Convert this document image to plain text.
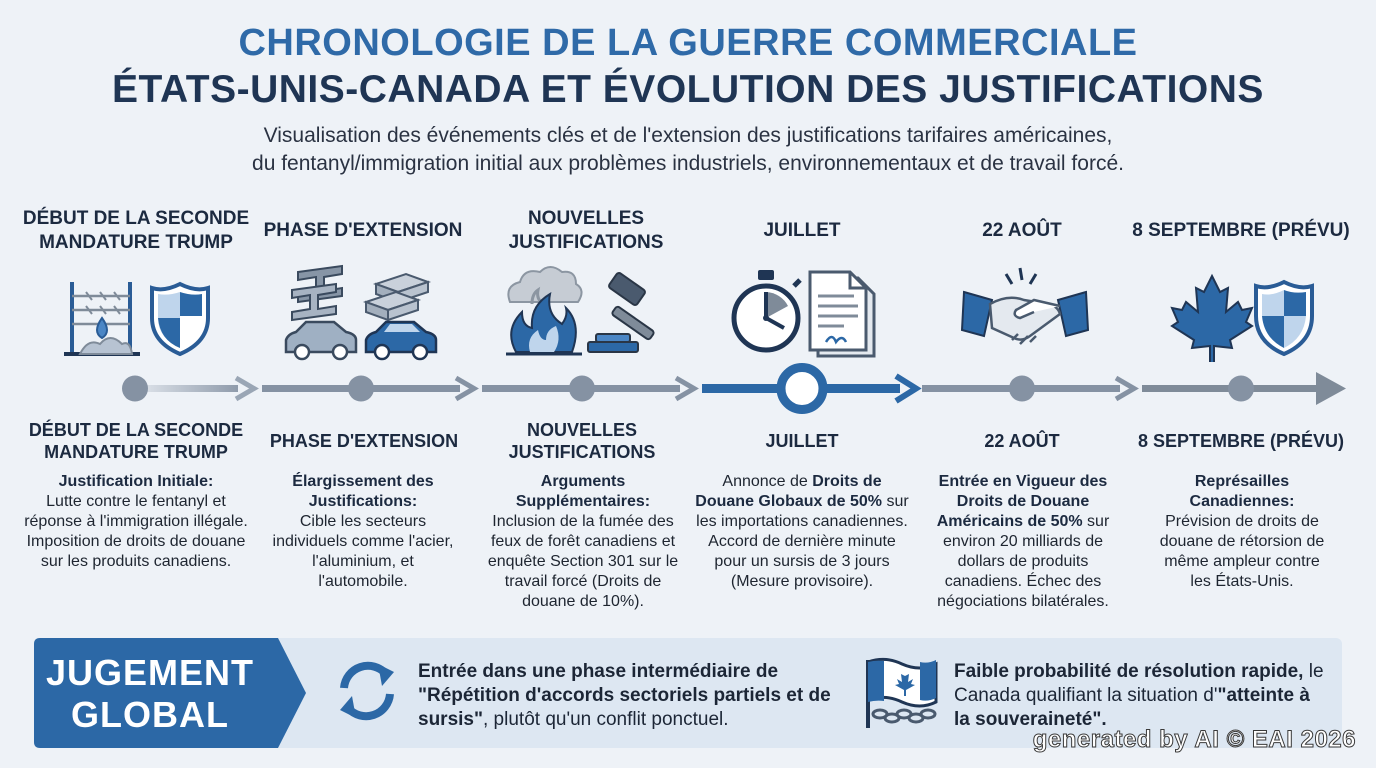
CHRONOLOGIE DE LA GUERRE COMMERCIALE
ÉTATS-UNIS-CANADA ET ÉVOLUTION DES JUSTIFICATIONS
Visualisation des événements clés et de l'extension des justifications tarifaires américaines,
du fentanyl/immigration initial aux problèmes industriels, environnementaux et de travail forcé.
DÉBUT DE LA SECONDE MANDATURE TRUMP
PHASE D'EXTENSION
NOUVELLES JUSTIFICATIONS
JUILLET	22 AOÛT	8 SEPTEMBRE (PRÉVU)
DÉBUT DE LA SECONDE MANDATURE TRUMP
PHASE D'EXTENSION
NOUVELLES JUSTIFICATIONS
JUILLET	22 AOÛT	8 SEPTEMBRE (PRÉVU)
Justification Initiale:
Lutte contre le fentanyl et réponse à l'immigration illégale. Imposition de droits de douane sur les produits canadiens.
Élargissement des Justifications:
Cible les secteurs individuels comme l'acier, l'aluminium, et l'automobile.
Arguments Supplémentaires:
Inclusion de la fumée des feux de forêt canadiens et enquête Section 301 sur le travail forcé (Droits de douane de 10%).
Annonce de Droits de Douane Globaux de 50% sur les importations canadiennes. Accord de dernière minute pour un sursis de 3 jours (Mesure provisoire).
Entrée en Vigueur des Droits de Douane Américains de 50% sur environ 20 milliards de dollars de produits canadiens. Échec des négociations bilatérales.
Représailles Canadiennes:
Prévision de droits de douane de rétorsion de même ampleur contre les États-Unis.
JUGEMENT
GLOBAL
Entrée dans une phase intermédiaire de "Répétition d'accords sectoriels partiels et de sursis", plutôt qu'un conflit ponctuel.
Faible probabilité de résolution rapide, le Canada qualifiant la situation d'"atteinte à la souveraineté".
generated by AI © EAI 2026
